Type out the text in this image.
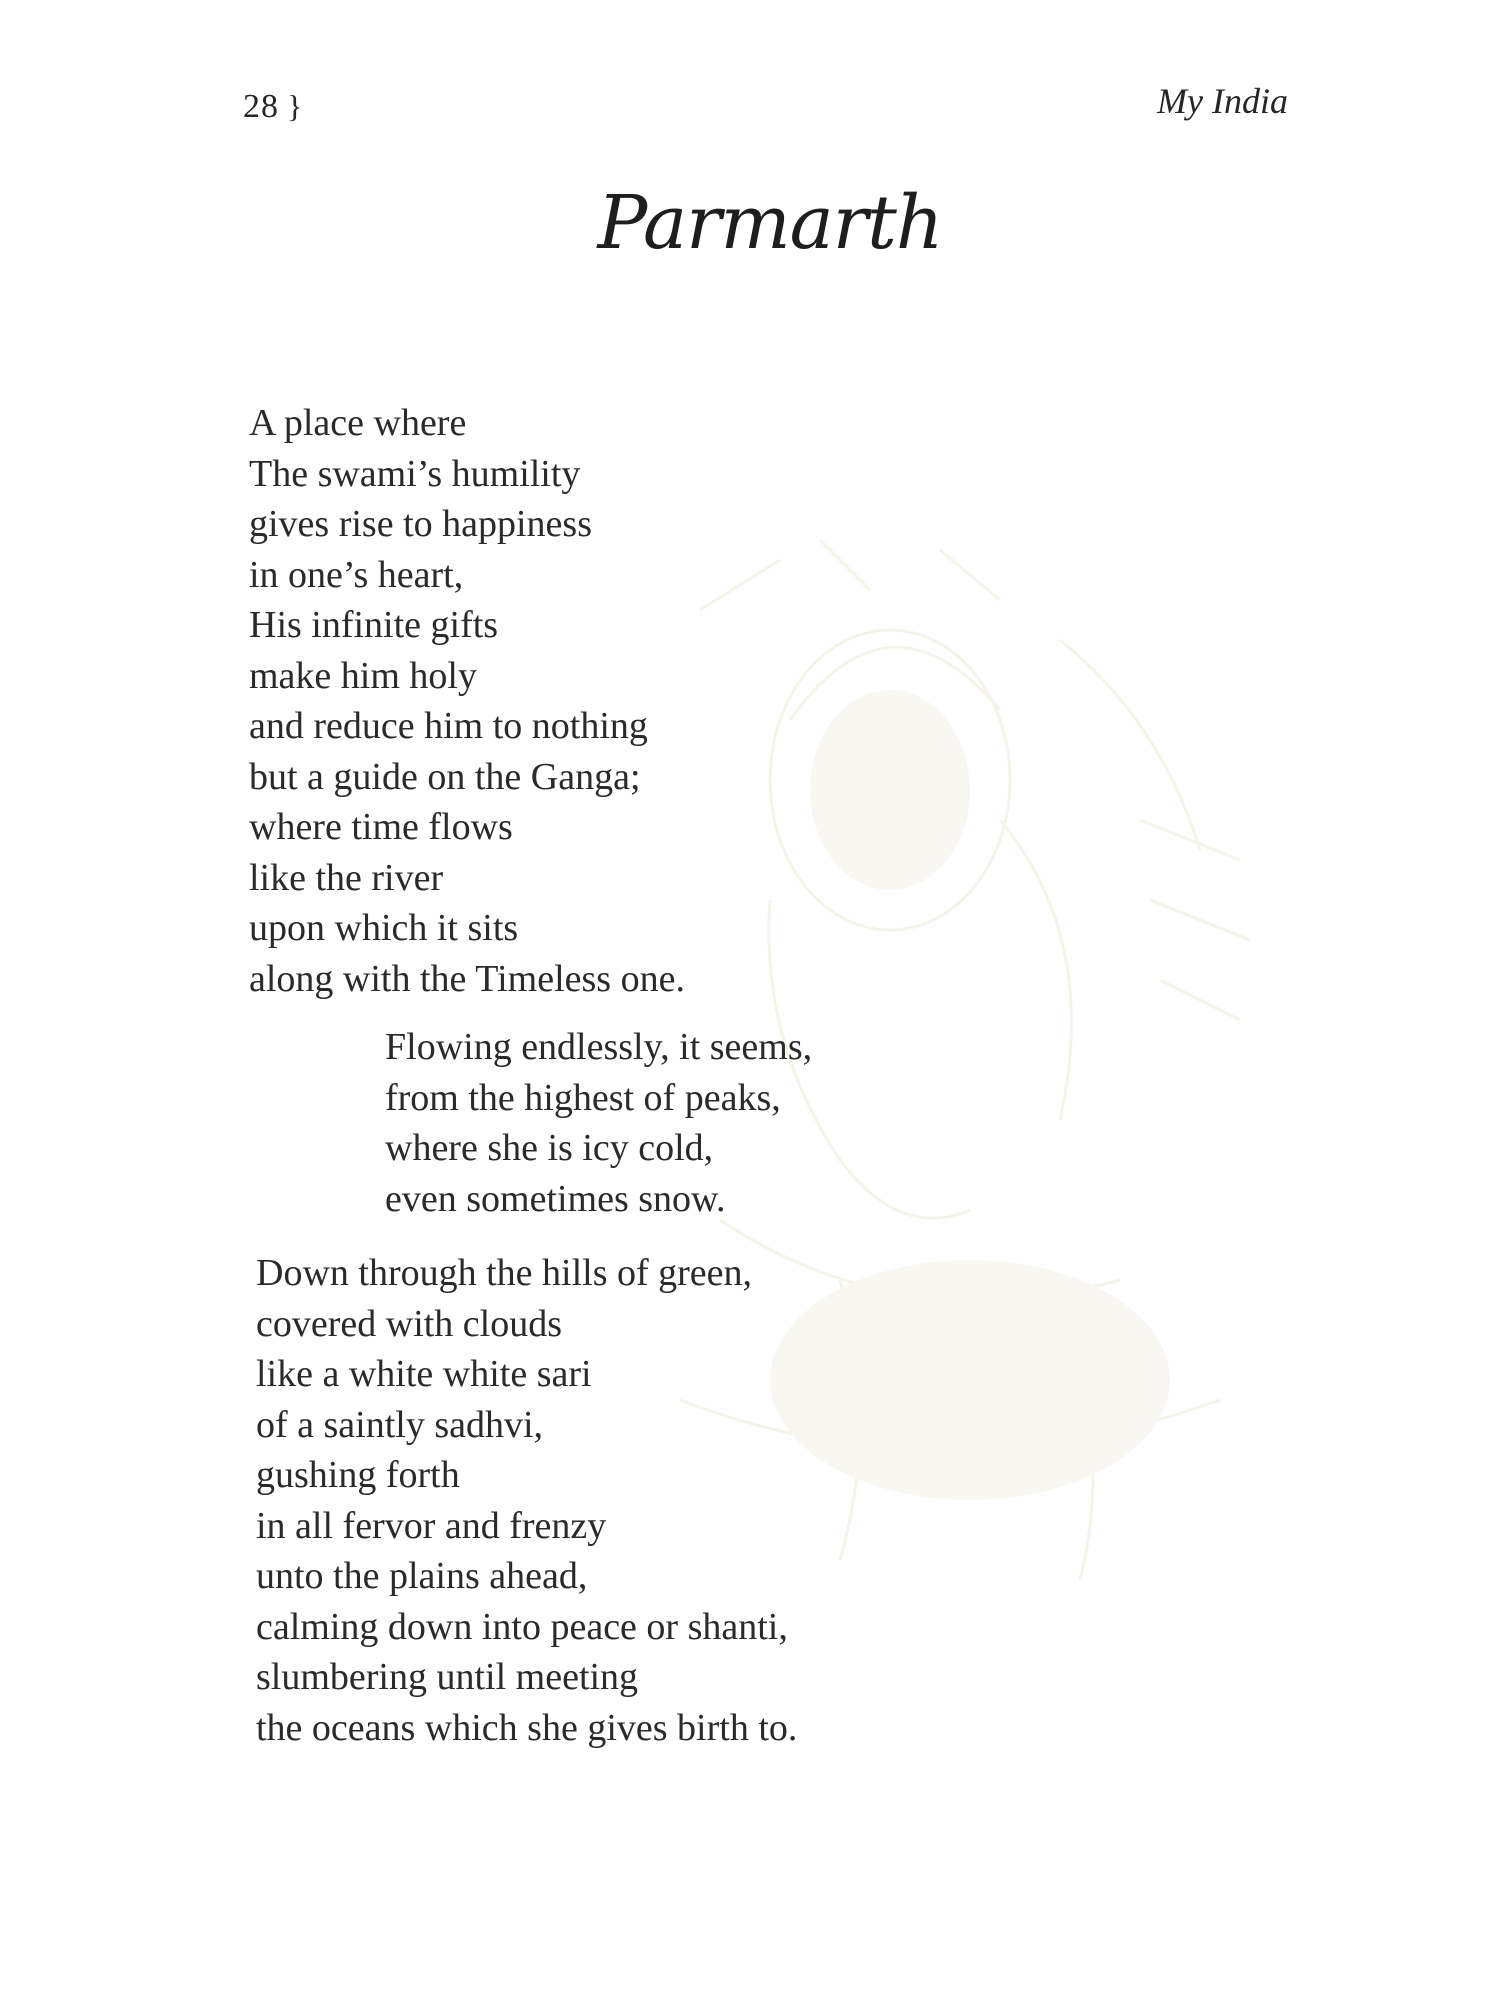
28 }	My India
Parmarth
A place where
The swami’s humility
gives rise to happiness
in one’s heart,
His infinite gifts
make him holy
and reduce him to nothing
but a guide on the Ganga;
where time flows
like the river
upon which it sits
along with the Timeless one.
Flowing endlessly, it seems,
from the highest of peaks,
where she is icy cold,
even sometimes snow.
Down through the hills of green,
covered with clouds
like a white white sari
of a saintly sadhvi,
gushing forth
in all fervor and frenzy
unto the plains ahead,
calming down into peace or shanti,
slumbering until meeting
the oceans which she gives birth to.
